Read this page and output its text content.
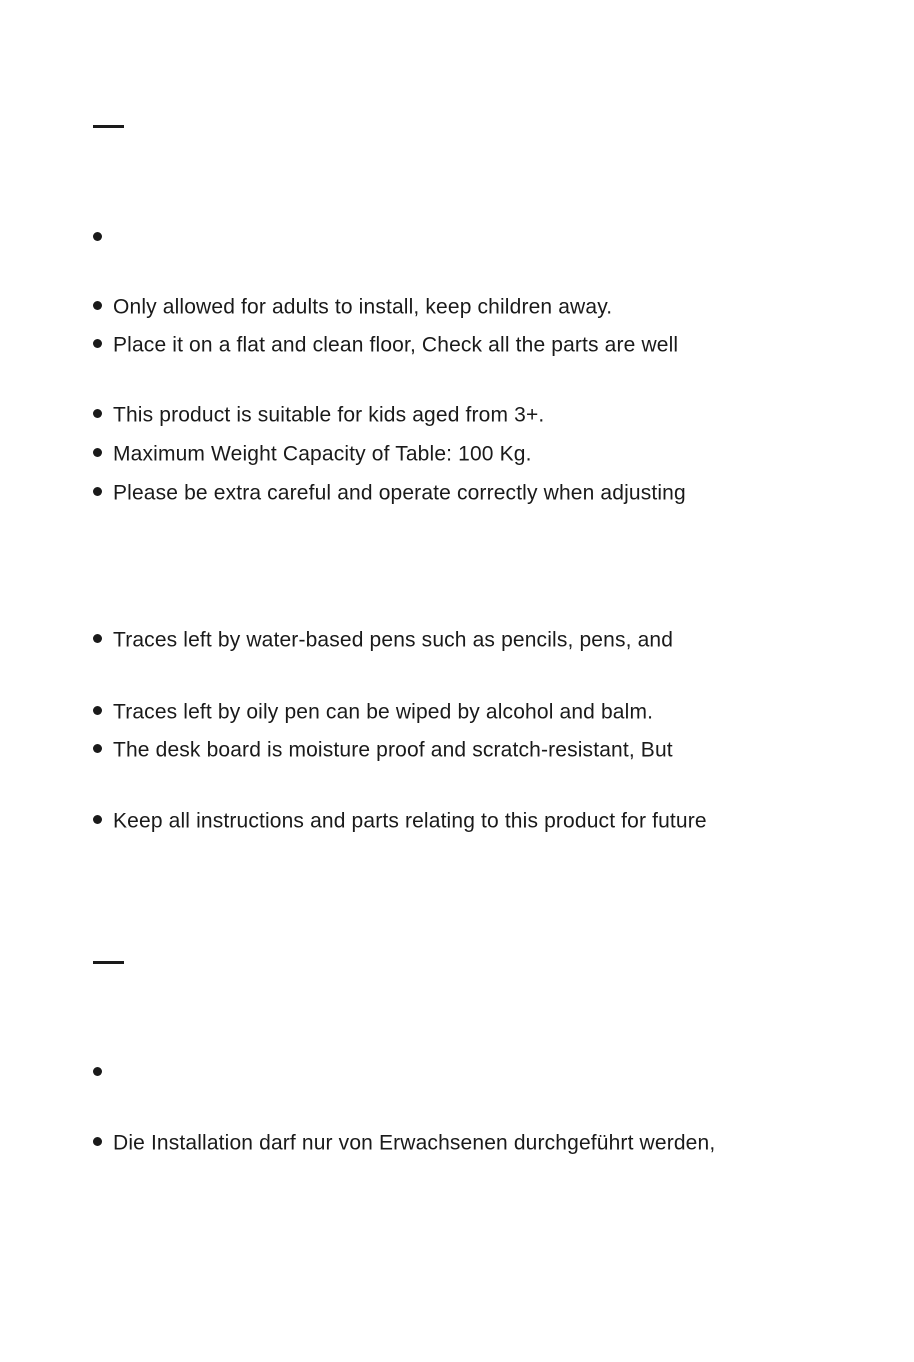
Only allowed for adults to install, keep children away.
Place it on a flat and clean floor, Check all the parts are well
This product is suitable for kids aged from 3+.
Maximum Weight Capacity of Table: 100 Kg.
Please be extra careful and operate correctly when adjusting
Traces left by water-based pens such as pencils, pens, and
Traces left by oily pen can be wiped by alcohol and balm.
The desk board is moisture proof and scratch-resistant, But
Keep all instructions and parts relating to this product for future
Die Installation darf nur von Erwachsenen durchgeführt werden,
